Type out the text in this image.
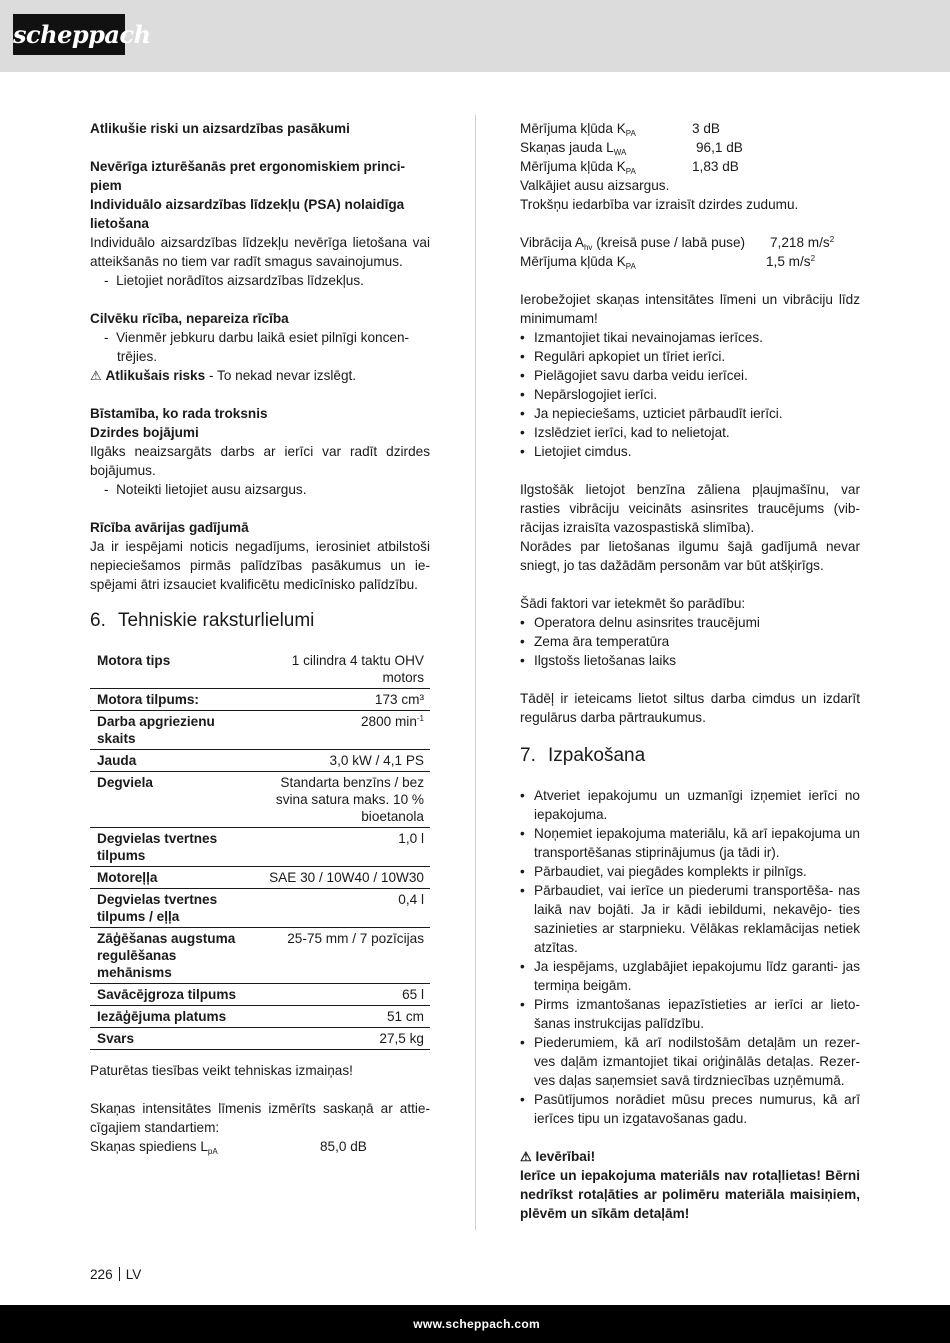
scheppach

Atlikušie riski un aizsardzības pasākumi

Nevērīga izturēšanās pret ergonomiskiem princi- piem

Individuālo aizsardzības līdzekļu (PSA) nolaidīga lietošana

Individuālo aizsardzības līdzekļu nevērīga lietošana vai atteikšanās no tiem var radīt smagus savainojumus.

-  Lietojiet norādītos aizsardzības līdzekļus.

Cilvēku rīcība, nepareiza rīcība

-  Vienmēr jebkuru darbu laikā esiet pilnīgi koncen- trējies.

⚠ Atlikušais risks - To nekad nevar izslēgt.

Bīstamība, ko rada troksnis

Dzirdes bojājumi

Ilgāks neaizsargāts darbs ar ierīci var radīt dzirdes bojājumus.

-  Noteikti lietojiet ausu aizsargus.

Rīcība avārijas gadījumā

Ja ir iespējami noticis negadījums, ierosiniet atbilstoši nepieciešamos pirmās palīdzības pasākumus un ie- spējami ātri izsauciet kvalificētu medicīnisko palīdzību.

6. Tehniskie raksturlielumi
Motora tips	1 cilindra 4 taktu OHV motors
Motora tilpums:	173 cm³
Darba apgriezienu skaits	2800 $\min^{-1}$
Jauda	3,0 kW / 4,1 PS
Degviela	Standarta benzīns / bez svina satura maks. 10 % bioetanola
Degvielas tvertnes tilpums	1,0 l
Motoreļļa	SAE 30 / 10W40 / 10W30
Degvielas tvertnes tilpums / eļļa	0,4 l
Zāģēšanas augstuma regulēšanas mehānisms	25-75 mm / 7 pozīcijas
Savācējgroza tilpums	65 l
Iezāģējuma platums	51 cm
Svars	27,5 kg

Paturētas tiesības veikt tehniskas izmaiņas!

Skaņas intensitātes līmenis izmērīts saskaņā ar attie- cīgajiem standartiem:

Skaņas spiediens $L_{pA}$	85,0 dB
Mērījuma kļūda $K_{PA}$	3 dB
Skaņas jauda $L_{WA}$	96,1 dB
Mērījuma kļūda $K_{PA}$	1,83 dB

Valkājiet ausu aizsargus.

Trokšņu iedarbība var izraisīt dzirdes zudumu.

Vibrācija $A_{hv}$ (kreisā puse / labā puse)	7,218 $m/s^2$
Mērījuma kļūda $K_{PA}$	1,5 $m/s^2$

Ierobežojiet skaņas intensitātes līmeni un vibrāciju līdz minimumam!

• Izmantojiet tikai nevainojamas ierīces.
• Regulāri apkopiet un tīriet ierīci.
• Pielāgojiet savu darba veidu ierīcei.
• Nepārslogojiet ierīci.
• Ja nepieciešams, uzticiet pārbaudīt ierīci.
• Izslēdziet ierīci, kad to nelietojat.
• Lietojiet cimdus.

Ilgstošāk lietojot benzīna zāliena pļaujmašīnu, var rasties vibrāciju veicināts asinsrites traucējums (vib- rācijas izraisīta vazospastiskā slimība).

Norādes par lietošanas ilgumu šajā gadījumā nevar sniegt, jo tas dažādām personām var būt atšķirīgs.

Šādi faktori var ietekmēt šo parādību:

• Operatora delnu asinsrites traucējumi
• Zema āra temperatūra
• Ilgstošs lietošanas laiks

Tādēļ ir ieteicams lietot siltus darba cimdus un izdarīt regulārus darba pārtraukumus.

7. Izpakošana
• Atveriet iepakojumu un uzmanīgi izņemiet ierīci no iepakojuma.
• Noņemiet iepakojuma materiālu, kā arī iepakojuma un transportēšanas stiprinājumus (ja tādi ir).
• Pārbaudiet, vai piegādes komplekts ir pilnīgs.
• Pārbaudiet, vai ierīce un piederumi transportēša- nas laikā nav bojāti. Ja ir kādi iebildumi, nekavējo- ties sazinieties ar starpnieku. Vēlākas reklamācijas netiek atzītas.
• Ja iespējams, uzglabājiet iepakojumu līdz garanti- jas termiņa beigām.
• Pirms izmantošanas iepazīstieties ar ierīci ar lieto- šanas instrukcijas palīdzību.
• Piederumiem, kā arī nodilstošām detaļām un rezer- ves daļām izmantojiet tikai oriģinālās detaļas. Rezer- ves daļas saņemsiet savā tirdzniecības uzņēmumā.
• Pasūtījumos norādiet mūsu preces numurus, kā arī ierīces tipu un izgatavošanas gadu.

⚠ Ievērībai!

Ierīce un iepakojuma materiāls nav rotaļlietas! Bērni nedrīkst rotaļāties ar polimēru materiāla maisiņiem, plēvēm un sīkām detaļām!

226 LV
www.scheppach.com
